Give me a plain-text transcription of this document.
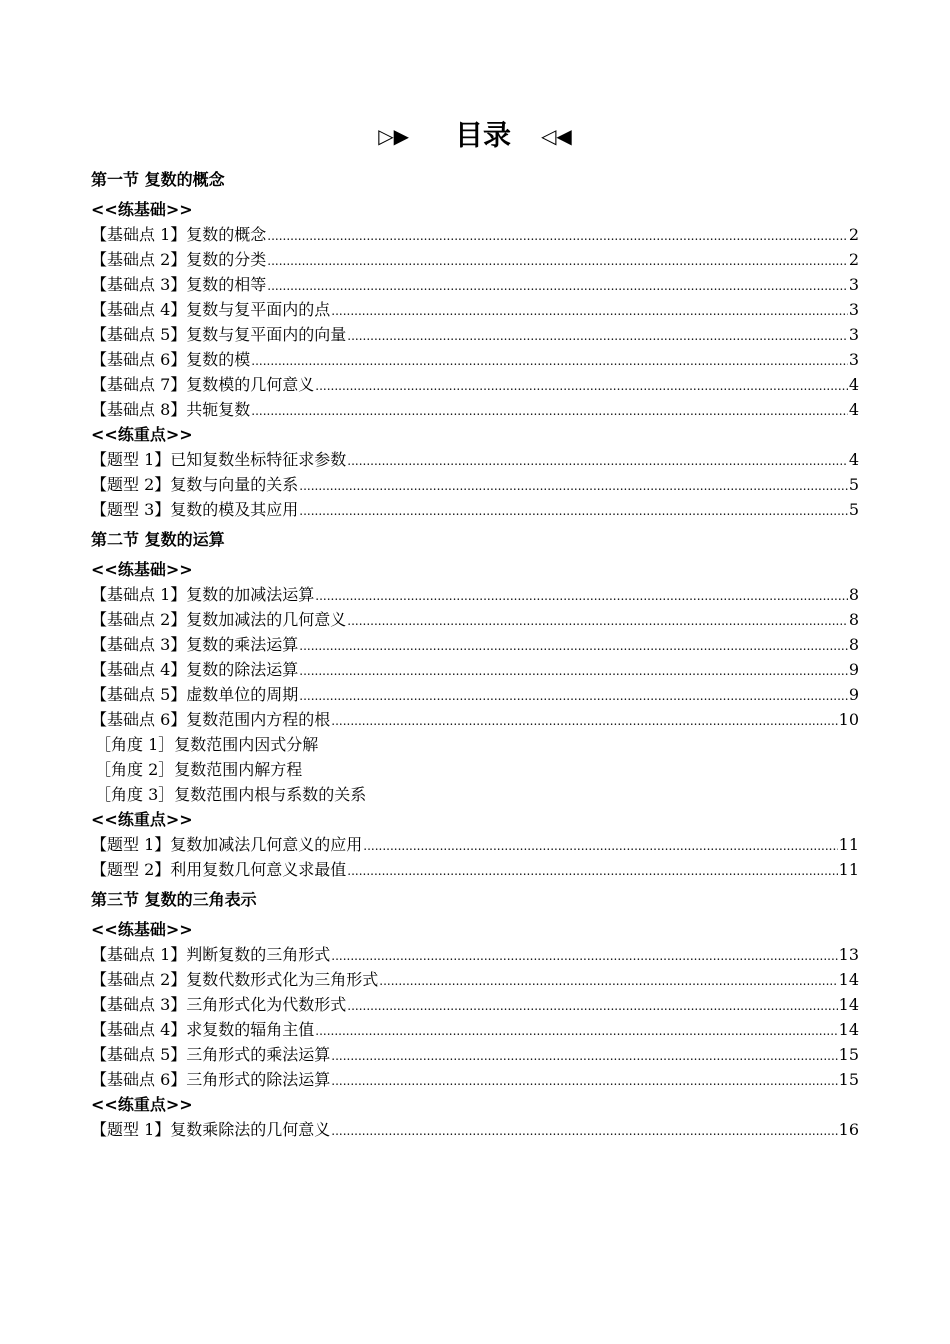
▷▶ 目录 ◁◀
第一节 复数的概念
<<练基础>>
【基础点 1】复数的概念 .....	2
【基础点 2】复数的分类 .....	2
【基础点 3】复数的相等 .....	3
【基础点 4】复数与复平面内的点 .....	3
【基础点 5】复数与复平面内的向量 .....	3
【基础点 6】复数的模 .....	3
【基础点 7】复数模的几何意义 .....	4
【基础点 8】共轭复数 .....	4
<<练重点>>
【题型 1】已知复数坐标特征求参数 .....	4
【题型 2】复数与向量的关系 .....	5
【题型 3】复数的模及其应用 .....	5
第二节 复数的运算
<<练基础>>
【基础点 1】复数的加减法运算 .....	8
【基础点 2】复数加减法的几何意义 .....	8
【基础点 3】复数的乘法运算 .....	8
【基础点 4】复数的除法运算 .....	9
【基础点 5】虚数单位的周期 .....	9
【基础点 6】复数范围内方程的根 .....	10
［角度 1］复数范围内因式分解
［角度 2］复数范围内解方程
［角度 3］复数范围内根与系数的关系
<<练重点>>
【题型 1】复数加减法几何意义的应用 .....	11
【题型 2】利用复数几何意义求最值 .....	11
第三节 复数的三角表示
<<练基础>>
【基础点 1】判断复数的三角形式 .....	13
【基础点 2】复数代数形式化为三角形式 .....	14
【基础点 3】三角形式化为代数形式 .....	14
【基础点 4】求复数的辐角主值 .....	14
【基础点 5】三角形式的乘法运算 .....	15
【基础点 6】三角形式的除法运算 .....	15
<<练重点>>
【题型 1】复数乘除法的几何意义 .....	16
